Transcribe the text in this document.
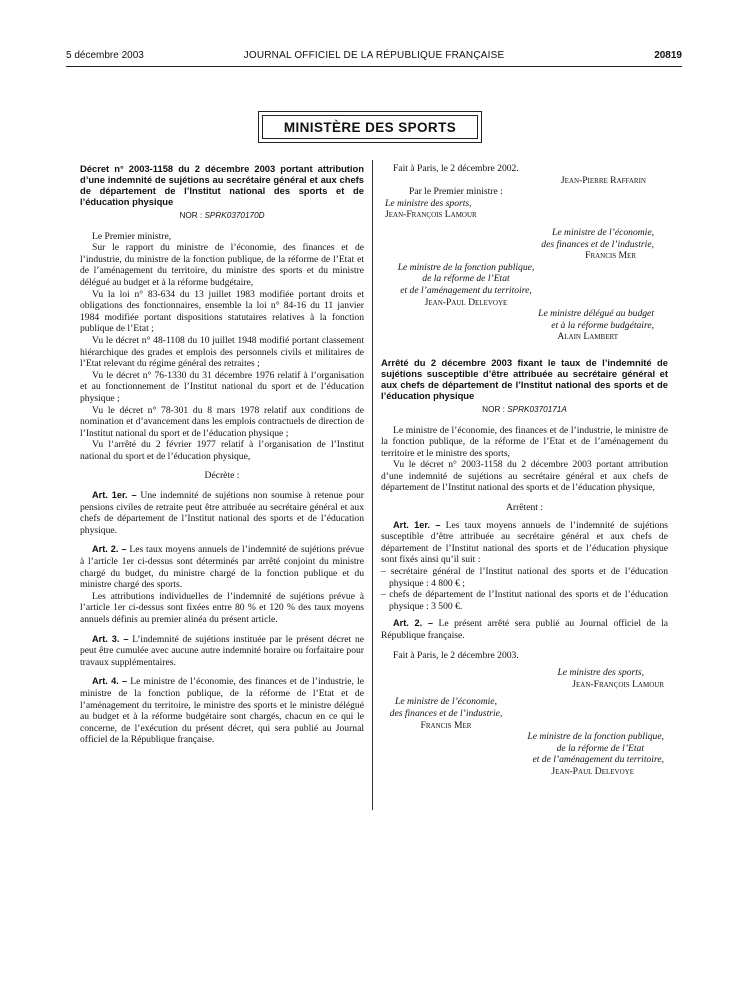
5 décembre 2003	JOURNAL OFFICIEL DE LA RÉPUBLIQUE FRANÇAISE	20819
MINISTÈRE DES SPORTS
Décret n° 2003-1158 du 2 décembre 2003 portant attribution d’une indemnité de sujétions au secrétaire général et aux chefs de département de l’Institut national des sports et de l’éducation physique
NOR : SPRK0370170D

Le Premier ministre,

Sur le rapport du ministre de l’économie, des finances et de l’industrie, du ministre de la fonction publique, de la réforme de l’Etat et de l’aménagement du territoire, du ministre des sports et du ministre délégué au budget et à la réforme budgétaire,

Vu la loi n° 83-634 du 13 juillet 1983 modifiée portant droits et obligations des fonctionnaires, ensemble la loi n° 84-16 du 11 janvier 1984 modifiée portant dispositions statutaires relatives à la fonction publique de l’Etat ;

Vu le décret n° 48-1108 du 10 juillet 1948 modifié portant classement hiérarchique des grades et emplois des personnels civils et militaires de l’Etat relevant du régime général des retraites ;

Vu le décret n° 76-1330 du 31 décembre 1976 relatif à l’organisation et au fonctionnement de l’Institut national du sport et de l’éducation physique ;

Vu le décret n° 78-301 du 8 mars 1978 relatif aux conditions de nomination et d’avancement dans les emplois contractuels de direction de l’Institut national du sport et de l’éducation physique ;

Vu l’arrêté du 2 février 1977 relatif à l’organisation de l’Institut national du sport et de l’éducation physique,

Décrète :

Art. 1er. – Une indemnité de sujétions non soumise à retenue pour pensions civiles de retraite peut être attribuée au secrétaire général et aux chefs de département de l’Institut national des sports et de l’éducation physique.

Art. 2. – Les taux moyens annuels de l’indemnité de sujétions prévue à l’article 1er ci-dessus sont déterminés par arrêté conjoint du ministre chargé du budget, du ministre chargé de la fonction publique et du ministre chargé des sports.

Les attributions individuelles de l’indemnité de sujétions prévue à l’article 1er ci-dessus sont fixées entre 80 % et 120 % des taux moyens annuels définis au premier alinéa du présent article.

Art. 3. – L’indemnité de sujétions instituée par le présent décret ne peut être cumulée avec aucune autre indemnité horaire ou forfaitaire pour travaux supplémentaires.

Art. 4. – Le ministre de l’économie, des finances et de l’industrie, le ministre de la fonction publique, de la réforme de l’Etat et de l’aménagement du territoire, le ministre des sports et le ministre délégué au budget et à la réforme budgétaire sont chargés, chacun en ce qui le concerne, de l’exécution du présent décret, qui sera publié au Journal officiel de la République française.

Fait à Paris, le 2 décembre 2002.

Jean-Pierre Raffarin

Par le Premier ministre :

Le ministre des sports,
Jean-François Lamour
Le ministre de l’économie,
des finances et de l’industrie,
Francis Mer
Le ministre de la fonction publique,
de la réforme de l’Etat
et de l’aménagement du territoire,
Jean-Paul Delevoye
Le ministre délégué au budget
et à la réforme budgétaire,
Alain Lambert
Arrêté du 2 décembre 2003 fixant le taux de l’indemnité de sujétions susceptible d’être attribuée au secrétaire général et aux chefs de département de l’Institut national des sports et de l’éducation physique
NOR : SPRK0370171A

Le ministre de l’économie, des finances et de l’industrie, le ministre de la fonction publique, de la réforme de l’Etat et de l’aménagement du territoire et le ministre des sports,

Vu le décret n° 2003-1158 du 2 décembre 2003 portant attribution d’une indemnité de sujétions au secrétaire général et aux chefs de département de l’Institut national des sports et de l’éducation physique,

Arrêtent :

Art. 1er. – Les taux moyens annuels de l’indemnité de sujétions susceptible d’être attribuée au secrétaire général et aux chefs de département de l’Institut national des sports et de l’éducation physique sont fixés ainsi qu’il suit :

– secrétaire général de l’Institut national des sports et de l’éducation physique : 4 800 € ;

– chefs de département de l’Institut national des sports et de l’éducation physique : 3 500 €.

Art. 2. – Le présent arrêté sera publié au Journal officiel de la République française.

Fait à Paris, le 2 décembre 2003.

Le ministre des sports,
Jean-François Lamour
Le ministre de l’économie,
des finances et de l’industrie,
Francis Mer
Le ministre de la fonction publique,
de la réforme de l’Etat
et de l’aménagement du territoire,
Jean-Paul Delevoye
